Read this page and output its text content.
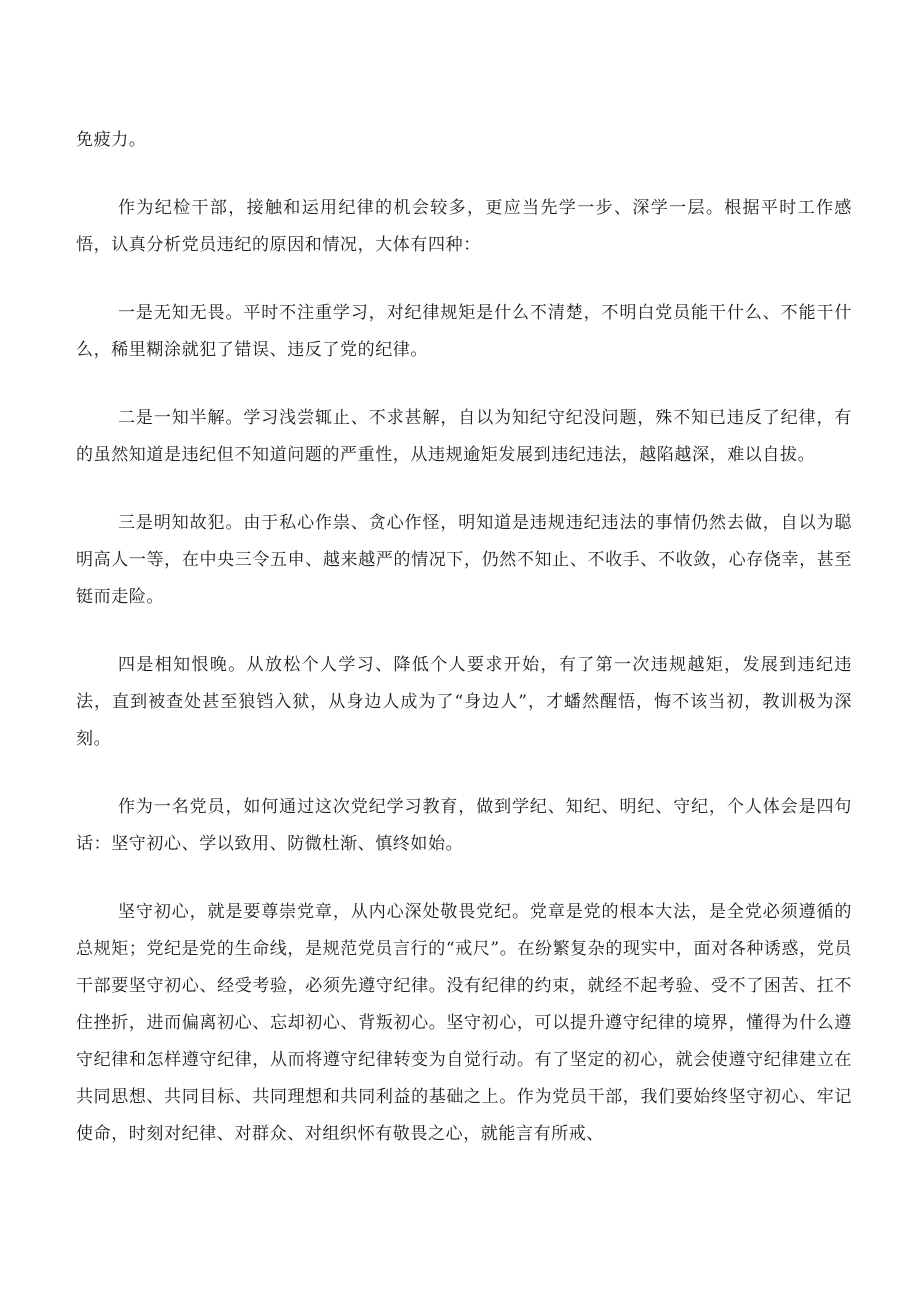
免疲力。

作为纪检干部，接触和运用纪律的机会较多，更应当先学一步、深学一层。根据平时工作感悟，认真分析党员违纪的原因和情况，大体有四种：

一是无知无畏。平时不注重学习，对纪律规矩是什么不清楚，不明白党员能干什么、不能干什么，稀里糊涂就犯了错误、违反了党的纪律。

二是一知半解。学习浅尝辄止、不求甚解，自以为知纪守纪没问题，殊不知已违反了纪律，有的虽然知道是违纪但不知道问题的严重性，从违规逾矩发展到违纪违法，越陷越深，难以自拔。

三是明知故犯。由于私心作祟、贪心作怪，明知道是违规违纪违法的事情仍然去做，自以为聪明高人一等，在中央三令五申、越来越严的情况下，仍然不知止、不收手、不收敛，心存侥幸，甚至铤而走险。

四是相知恨晚。从放松个人学习、降低个人要求开始，有了第一次违规越矩，发展到违纪违法，直到被查处甚至狼铛入狱，从身边人成为了“身边人”，才蟠然醒悟，悔不该当初，教训极为深刻。

作为一名党员，如何通过这次党纪学习教育，做到学纪、知纪、明纪、守纪，个人体会是四句话：坚守初心、学以致用、防微杜渐、慎终如始。

坚守初心，就是要尊崇党章，从内心深处敬畏党纪。党章是党的根本大法，是全党必须遵循的总规矩；党纪是党的生命线，是规范党员言行的“戒尺”。在纷繁复杂的现实中，面对各种诱惑，党员干部要坚守初心、经受考验，必须先遵守纪律。没有纪律的约束，就经不起考验、受不了困苦、扛不住挫折，进而偏离初心、忘却初心、背叛初心。坚守初心，可以提升遵守纪律的境界，懂得为什么遵守纪律和怎样遵守纪律，从而将遵守纪律转变为自觉行动。有了坚定的初心，就会使遵守纪律建立在共同思想、共同目标、共同理想和共同利益的基础之上。作为党员干部，我们要始终坚守初心、牢记使命，时刻对纪律、对群众、对组织怀有敬畏之心，就能言有所戒、
